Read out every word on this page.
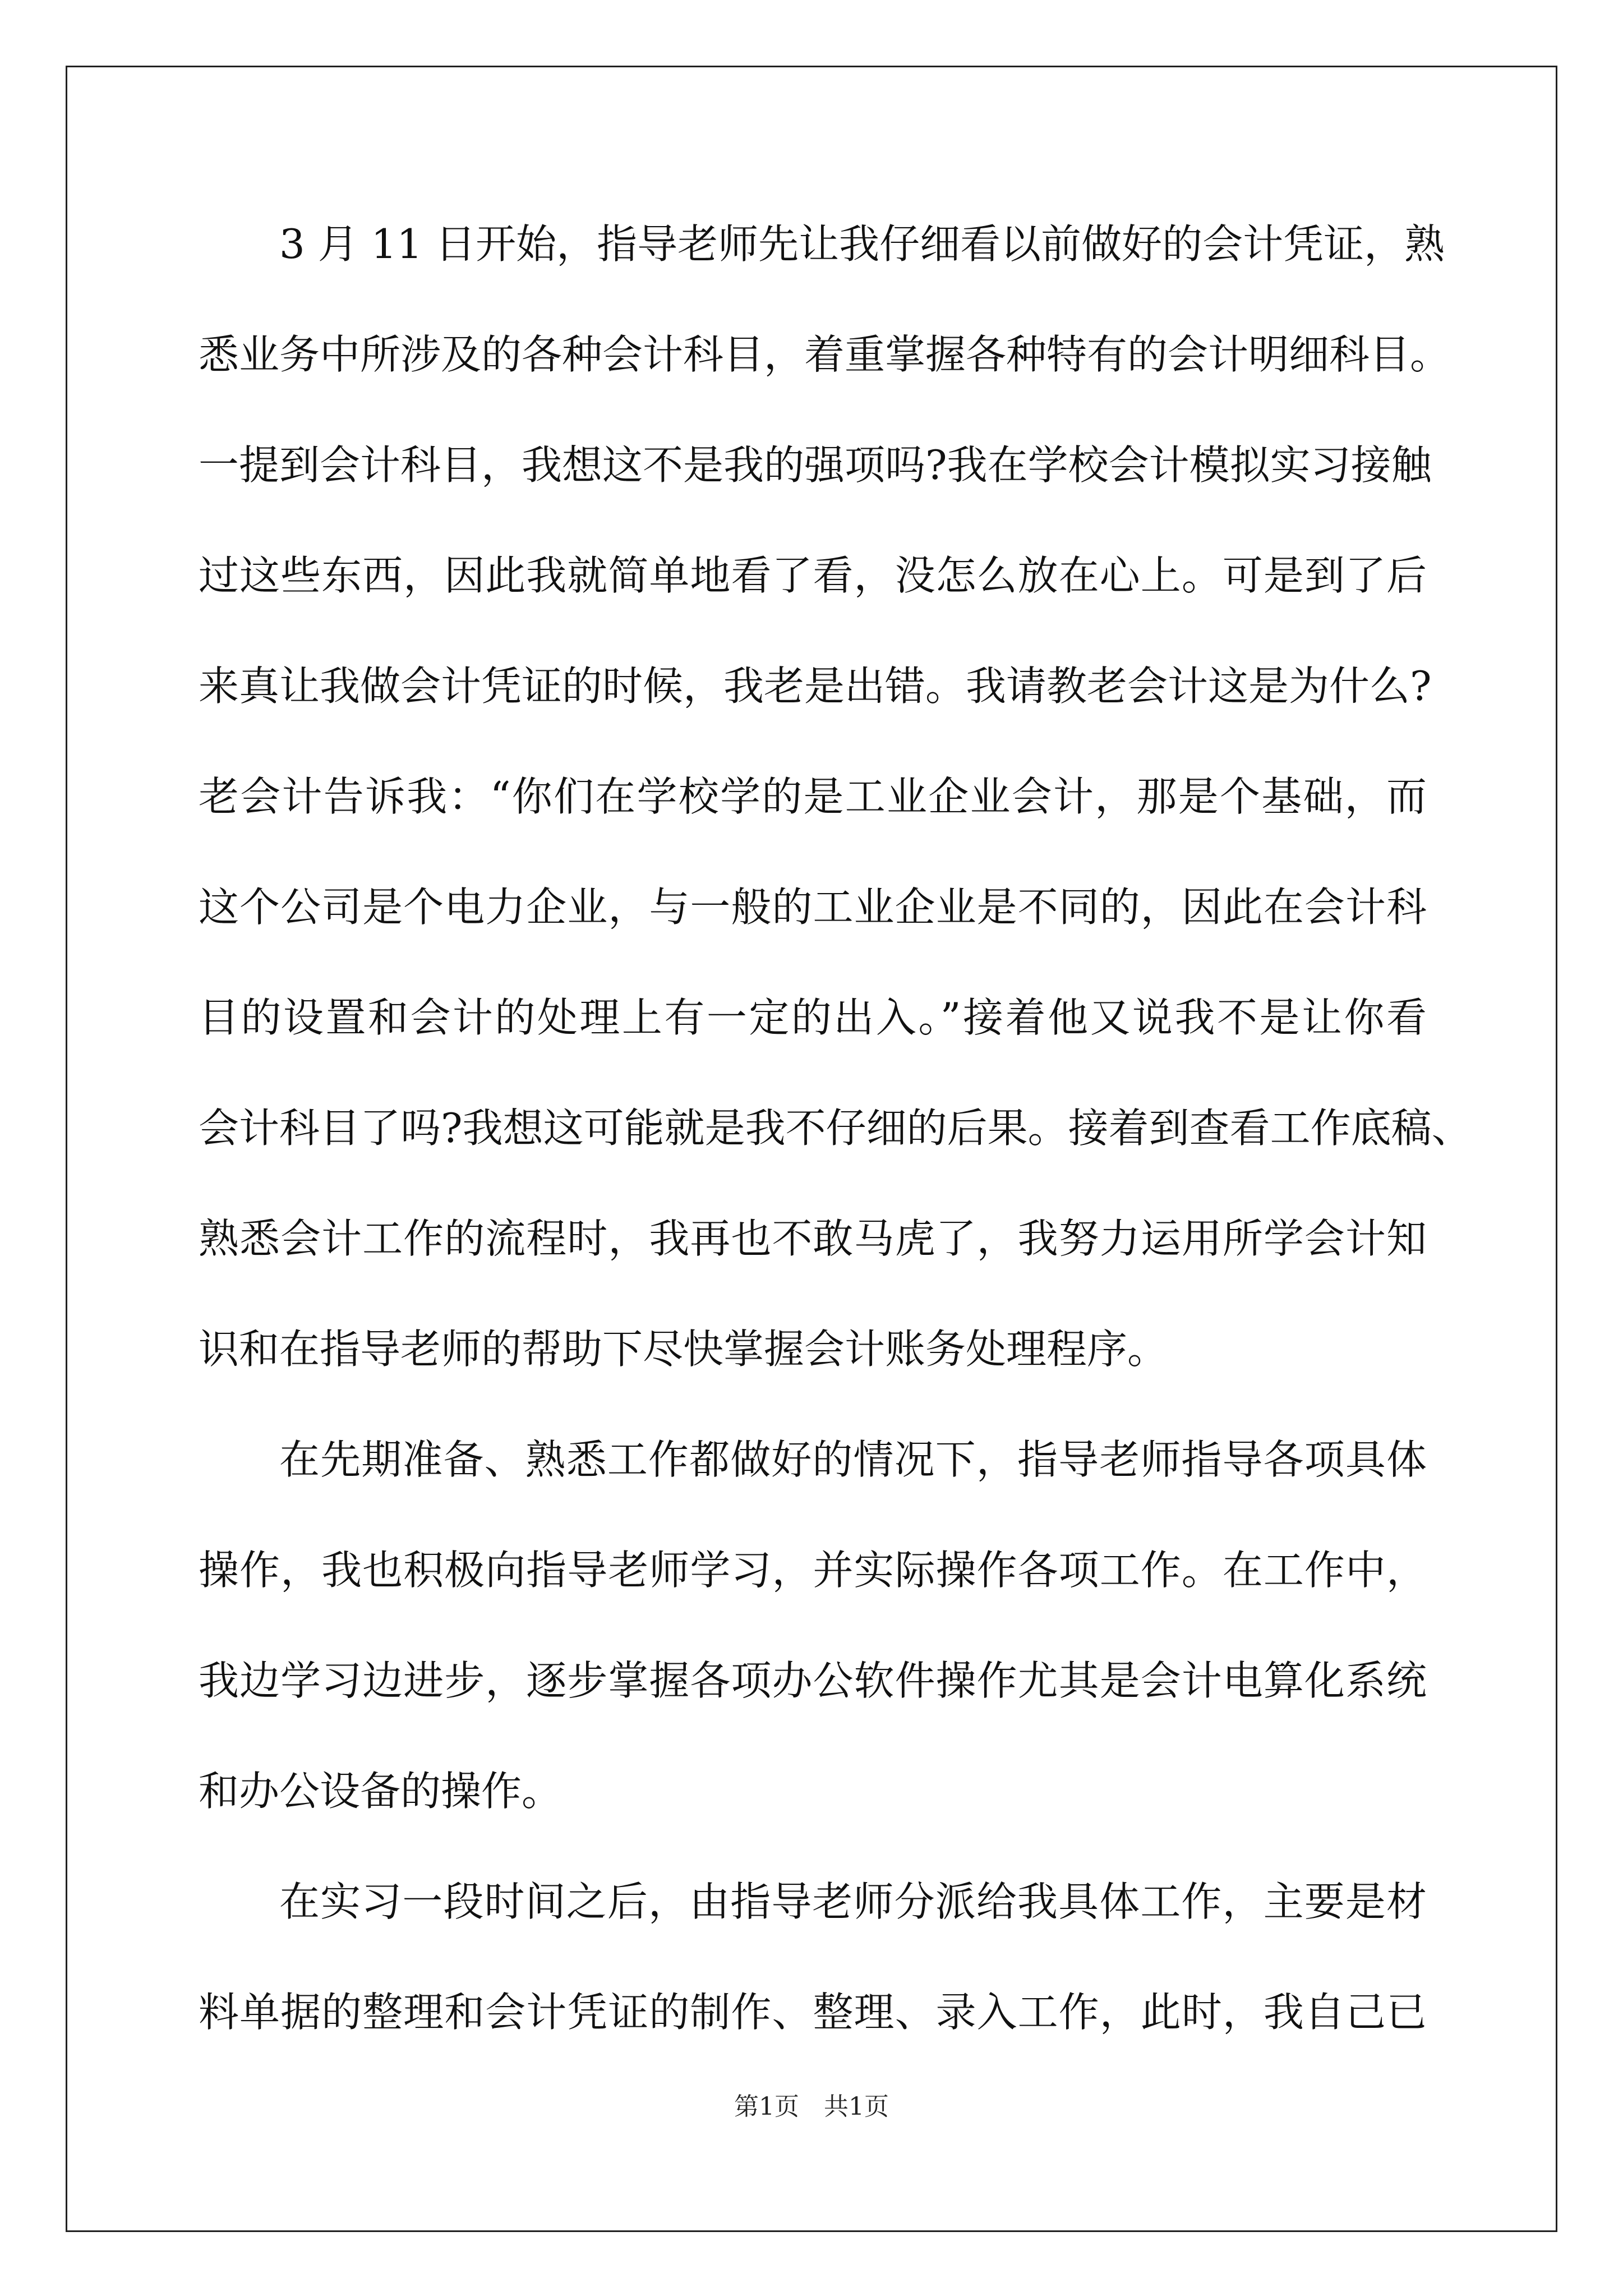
3 月 11 日开始，指导老师先让我仔细看以前做好的会计凭证，熟
悉业务中所涉及的各种会计科目，着重掌握各种特有的会计明细科目。
一提到会计科目，我想这不是我的强项吗?我在学校会计模拟实习接触
过这些东西，因此我就简单地看了看，没怎么放在心上。可是到了后
来真让我做会计凭证的时候，我老是出错。我请教老会计这是为什么?
老会计告诉我：“你们在学校学的是工业企业会计，那是个基础，而
这个公司是个电力企业，与一般的工业企业是不同的，因此在会计科
目的设置和会计的处理上有一定的出入。”接着他又说我不是让你看
会计科目了吗?我想这可能就是我不仔细的后果。接着到查看工作底稿、
熟悉会计工作的流程时，我再也不敢马虎了，我努力运用所学会计知
识和在指导老师的帮助下尽快掌握会计账务处理程序。
在先期准备、熟悉工作都做好的情况下，指导老师指导各项具体
操作，我也积极向指导老师学习，并实际操作各项工作。在工作中，
我边学习边进步，逐步掌握各项办公软件操作尤其是会计电算化系统
和办公设备的操作。
在实习一段时间之后，由指导老师分派给我具体工作，主要是材
料单据的整理和会计凭证的制作、整理、录入工作，此时，我自己已
第1页　共1页
